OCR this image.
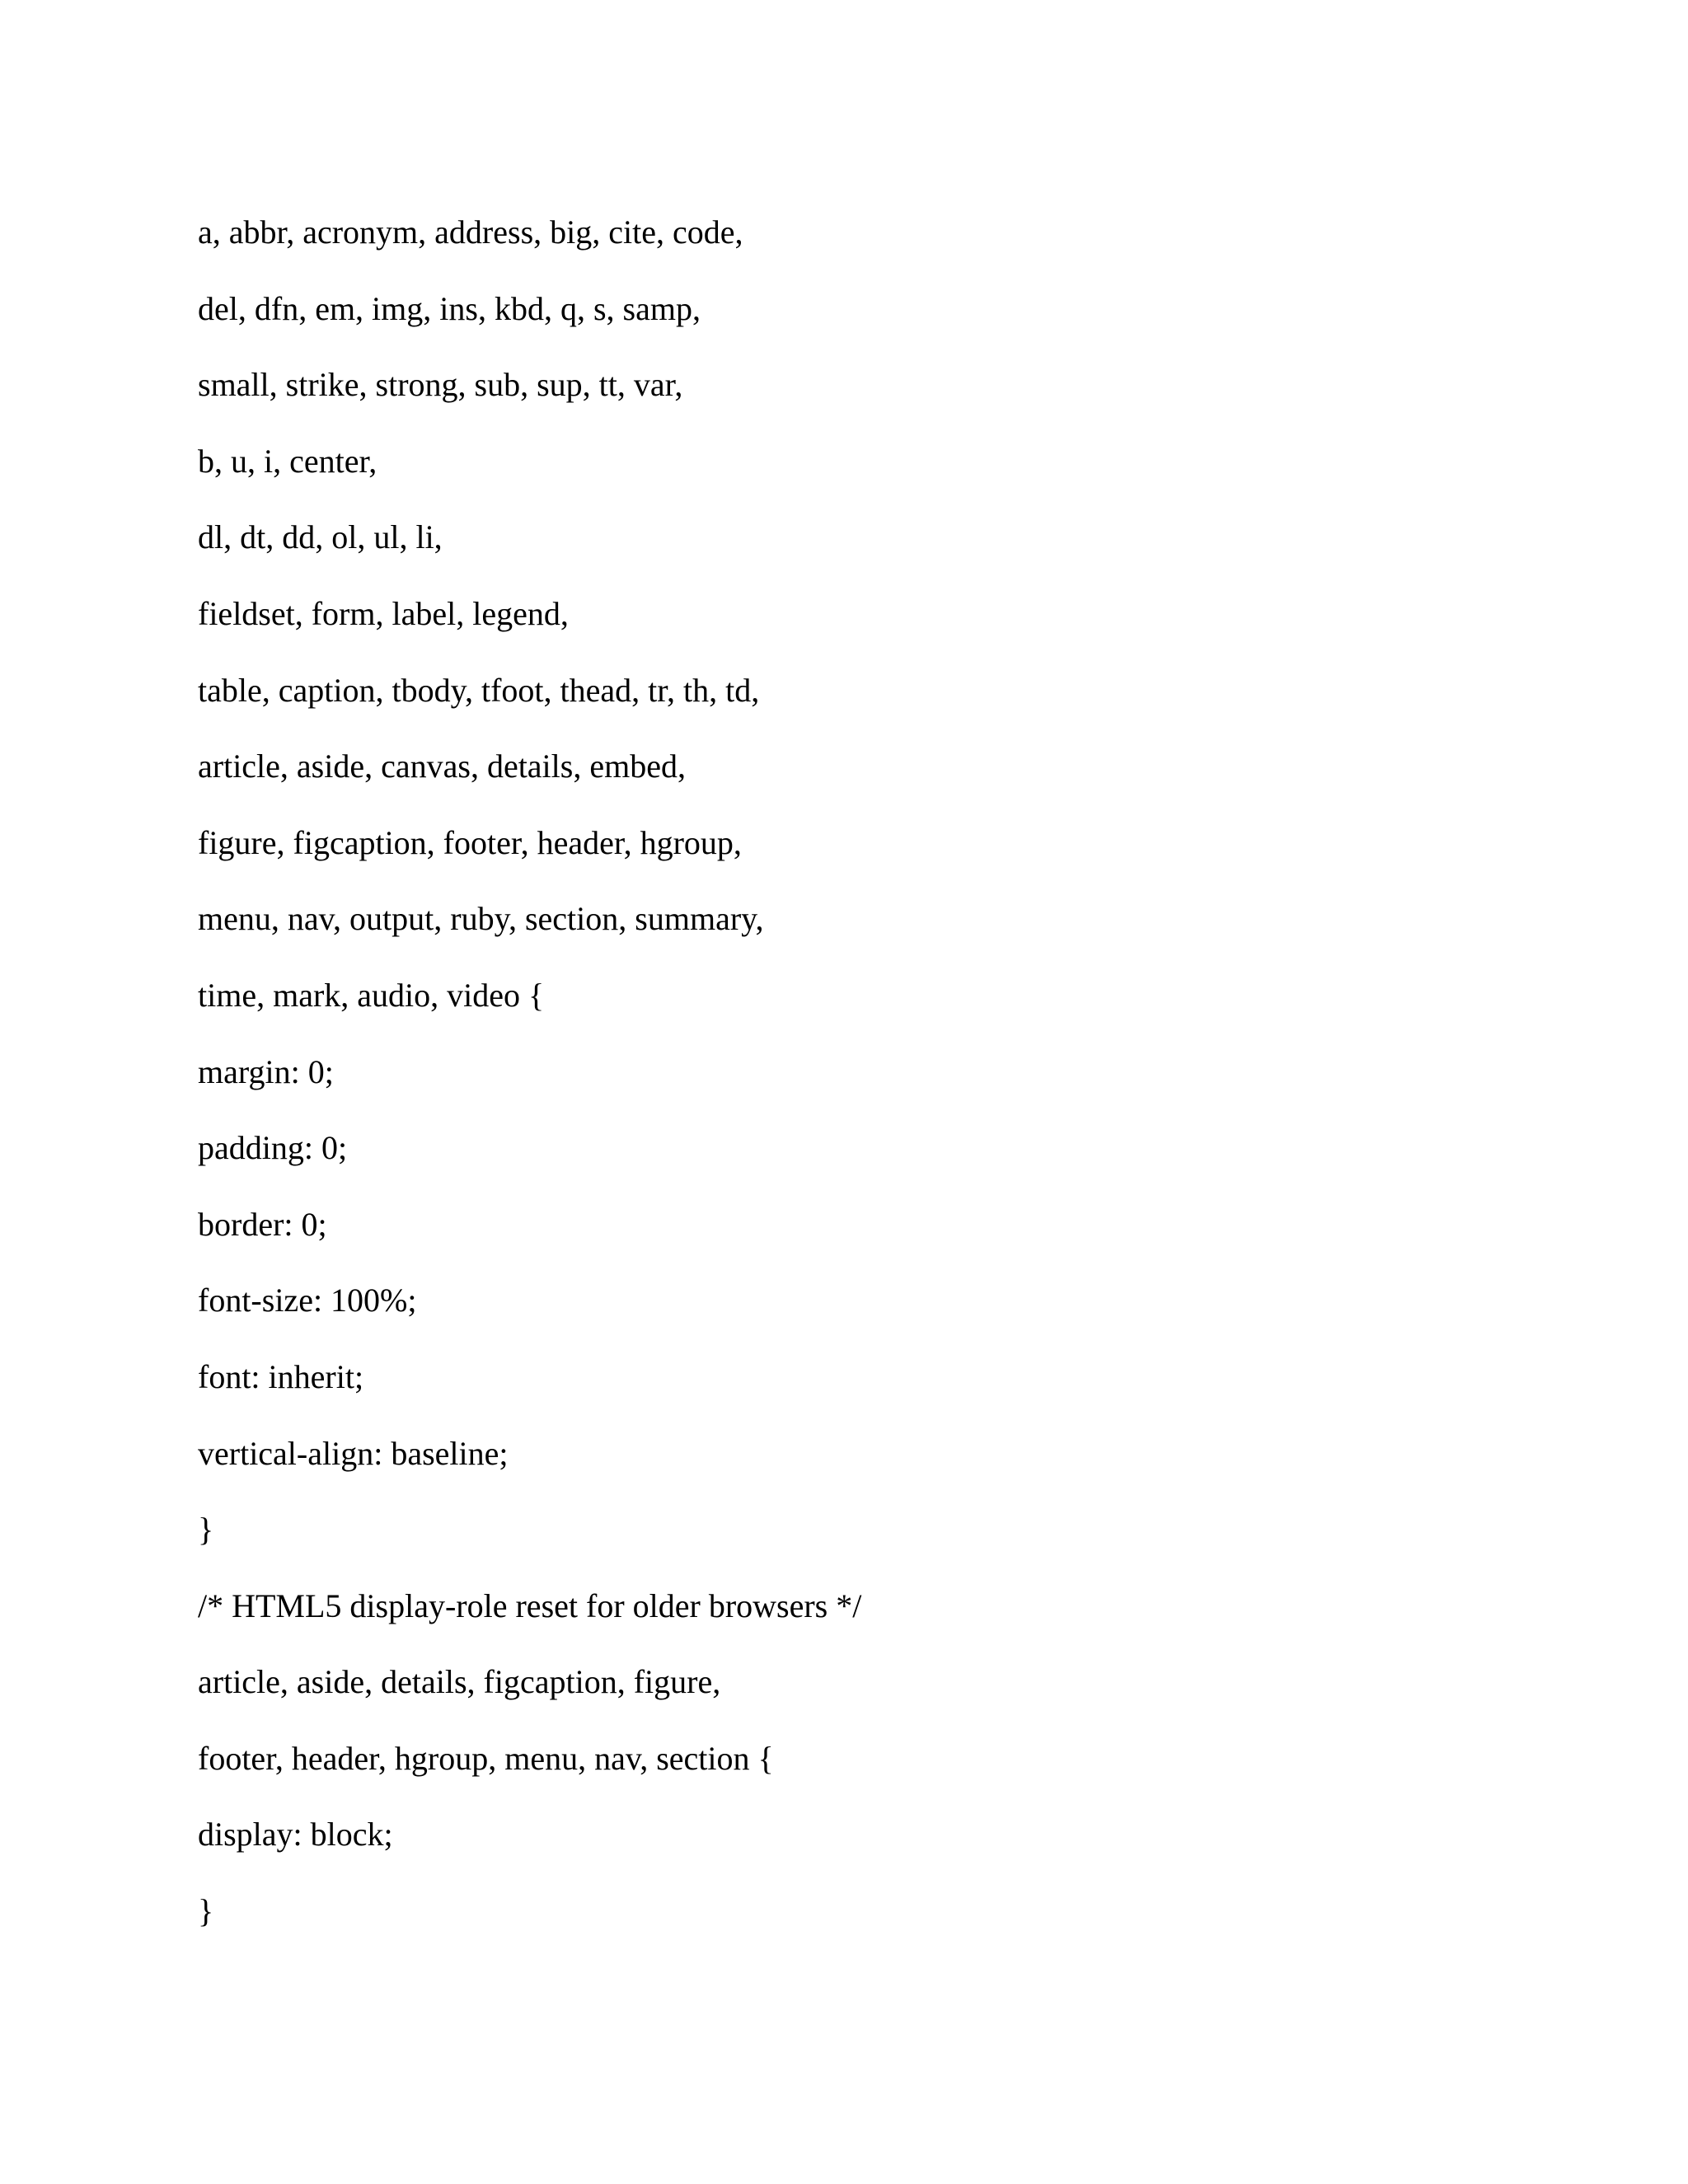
a, abbr, acronym, address, big, cite, code,
del, dfn, em, img, ins, kbd, q, s, samp,
small, strike, strong, sub, sup, tt, var,
b, u, i, center,
dl, dt, dd, ol, ul, li,
fieldset, form, label, legend,
table, caption, tbody, tfoot, thead, tr, th, td,
article, aside, canvas, details, embed,
figure, figcaption, footer, header, hgroup,
menu, nav, output, ruby, section, summary,
time, mark, audio, video {
margin: 0;
padding: 0;
border: 0;
font-size: 100%;
font: inherit;
vertical-align: baseline;
}
/* HTML5 display-role reset for older browsers */
article, aside, details, figcaption, figure,
footer, header, hgroup, menu, nav, section {
display: block;
}
